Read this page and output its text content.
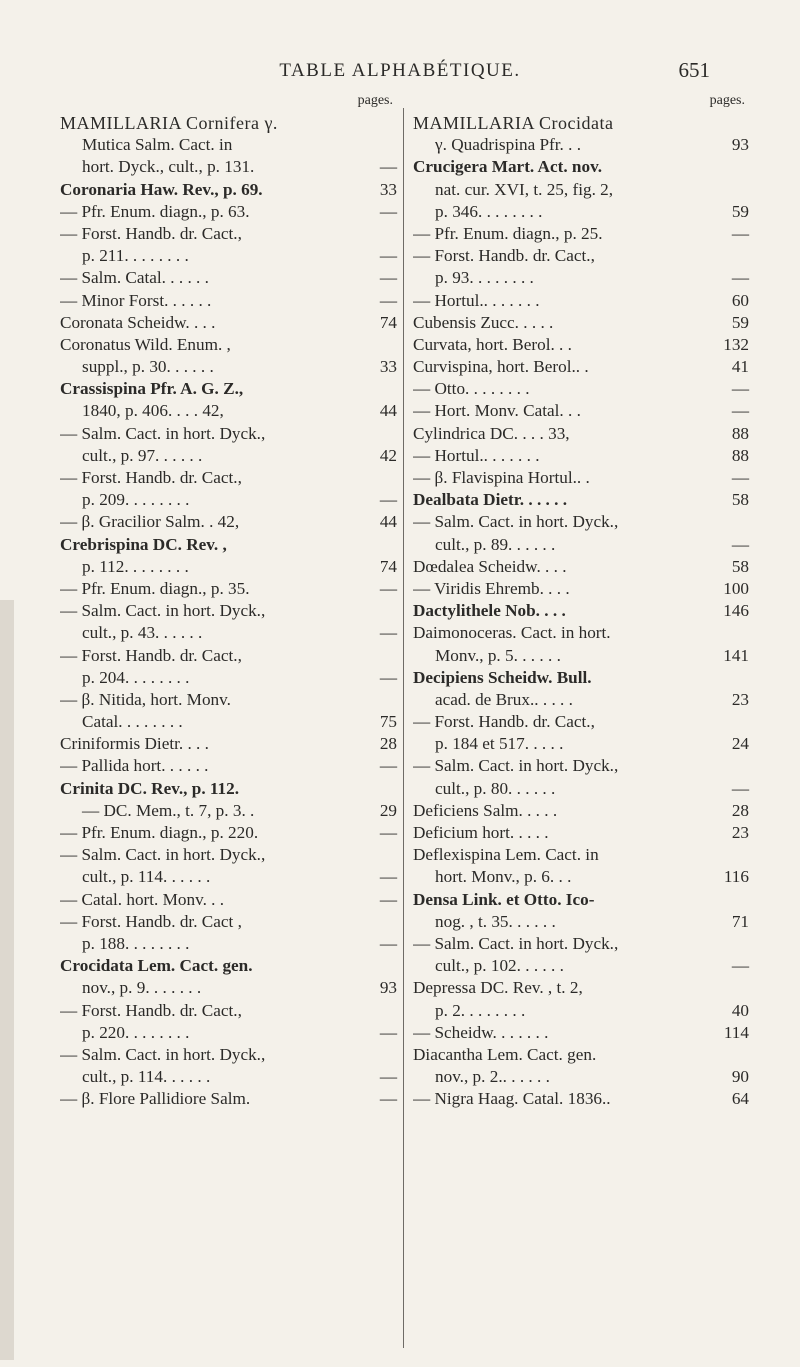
TABLE ALPHABÉTIQUE.	651
pages.
MAMILLARIA Cornifera γ.
Mutica Salm. Cact. in
hort. Dyck., cult., p. 131.	—
Coronaria Haw. Rev., p. 69.	33
— Pfr. Enum. diagn., p. 63.	—
— Forst. Handb. dr. Cact.,
p. 211. . . . . . . .	—
— Salm. Catal. . . . . .	—
— Minor Forst. . . . . .	—
Coronata Scheidw. . . .	74
Coronatus Wild. Enum. ,
suppl., p. 30. . . . . .	33
Crassispina Pfr. A. G. Z.,
1840, p. 406. . . . 42,	44
— Salm. Cact. in hort. Dyck.,
cult., p. 97. . . . . .	42
— Forst. Handb. dr. Cact.,
p. 209. . . . . . . .	—
— β. Gracilior Salm. . 42,	44
Crebrispina DC. Rev. ,
p. 112. . . . . . . .	74
— Pfr. Enum. diagn., p. 35.	—
— Salm. Cact. in hort. Dyck.,
cult., p. 43. . . . . .	—
— Forst. Handb. dr. Cact.,
p. 204. . . . . . . .	—
— β. Nitida, hort. Monv.
Catal. . . . . . . .	75
Criniformis Dietr. . . .	28
— Pallida hort. . . . . .	—
Crinita DC. Rev., p. 112.
— DC. Mem., t. 7, p. 3. .	29
— Pfr. Enum. diagn., p. 220.	—
— Salm. Cact. in hort. Dyck.,
cult., p. 114. . . . . .	—
— Catal. hort. Monv. . .	—
— Forst. Handb. dr. Cact ,
p. 188. . . . . . . .	—
Crocidata Lem. Cact. gen.
nov., p. 9. . . . . . .	93
— Forst. Handb. dr. Cact.,
p. 220. . . . . . . .	—
— Salm. Cact. in hort. Dyck.,
cult., p. 114. . . . . .	—
— β. Flore Pallidiore Salm.	—
pages.
MAMILLARIA Crocidata
γ. Quadrispina Pfr. . .	93
Crucigera Mart. Act. nov.
nat. cur. XVI, t. 25, fig. 2,
p. 346. . . . . . . .	59
— Pfr. Enum. diagn., p. 25.	—
— Forst. Handb. dr. Cact.,
p. 93. . . . . . . .	—
— Hortul.. . . . . . .	60
Cubensis Zucc. . . . .	59
Curvata, hort. Berol. . .	132
Curvispina, hort. Berol.. .	41
— Otto. . . . . . . .	—
— Hort. Monv. Catal. . .	—
Cylindrica DC. . . . 33,	88
— Hortul.. . . . . . .	88
— β. Flavispina Hortul.. .	—
Dealbata Dietr. . . . . .	58
— Salm. Cact. in hort. Dyck.,
cult., p. 89. . . . . .	—
Dœdalea Scheidw. . . .	58
— Viridis Ehremb. . . .	100
Dactylithele Nob. . . .	146
Daimonoceras. Cact. in hort.
Monv., p. 5. . . . . .	141
Decipiens Scheidw. Bull.
acad. de Brux.. . . . .	23
— Forst. Handb. dr. Cact.,
p. 184 et 517. . . . .	24
— Salm. Cact. in hort. Dyck.,
cult., p. 80. . . . . .	—
Deficiens Salm. . . . .	28
Deficium hort. . . . .	23
Deflexispina Lem. Cact. in
hort. Monv., p. 6. . .	116
Densa Link. et Otto. Ico-
nog. , t. 35. . . . . .	71
— Salm. Cact. in hort. Dyck.,
cult., p. 102. . . . . .	—
Depressa DC. Rev. , t. 2,
p. 2. . . . . . . .	40
— Scheidw. . . . . . .	114
Diacantha Lem. Cact. gen.
nov., p. 2.. . . . . .	90
— Nigra Haag. Catal. 1836..	64
